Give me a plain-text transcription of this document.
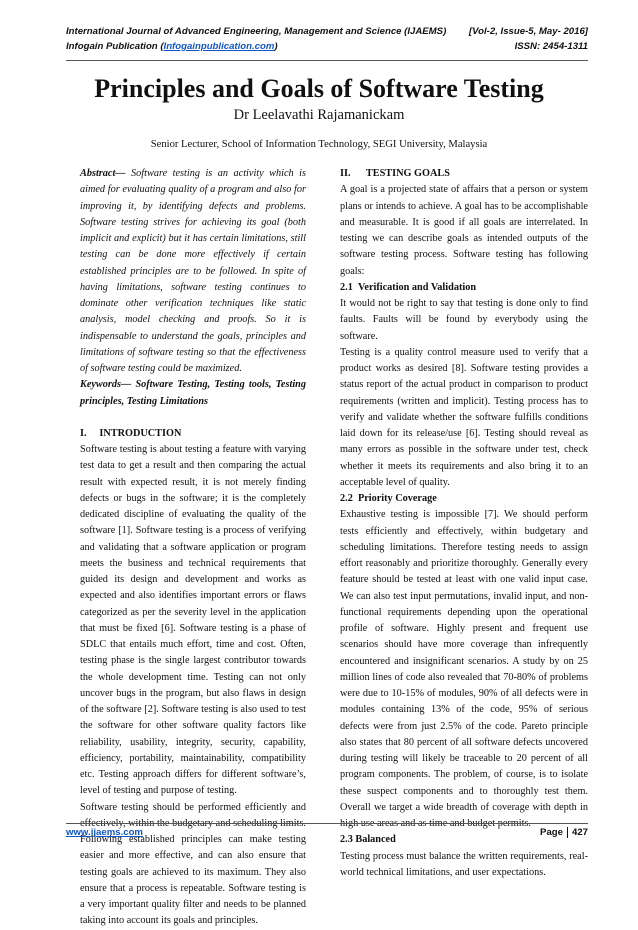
International Journal of Advanced Engineering, Management and Science (IJAEMS) [Vol-2, Issue-5, May- 2016]
Infogain Publication (Infogainpublication.com)	ISSN: 2454-1311
Principles and Goals of Software Testing
Dr Leelavathi Rajamanickam
Senior Lecturer, School of Information Technology, SEGI University, Malaysia

Abstract— Software testing is an activity which is aimed for evaluating quality of a program and also for improving it, by identifying defects and problems. Software testing strives for achieving its goal (both implicit and explicit) but it has certain limitations, still testing can be done more effectively if certain established principles are to be followed. In spite of having limitations, software testing continues to dominate other verification techniques like static analysis, model checking and proofs. So it is indispensable to understand the goals, principles and limitations of software testing so that the effectiveness of software testing could be maximized.

Keywords— Software Testing, Testing tools, Testing principles, Testing Limitations

I.     INTRODUCTION

Software testing is about testing a feature with varying test data to get a result and then comparing the actual result with expected result, it is not merely finding defects or bugs in the software; it is the completely dedicated discipline of evaluating the quality of the software [1]. Software testing is a process of verifying and validating that a software application or program meets the business and technical requirements that guided its design and development and works as expected and also identifies important errors or flaws categorized as per the severity level in the application that must be fixed [6]. Software testing is a phase of SDLC that entails much effort, time and cost. Often, testing phase is the single largest contributor towards the whole development time. Testing can not only uncover bugs in the program, but also flaws in design of the software [2]. Software testing is also used to test the software for other software quality factors like reliability, usability, integrity, security, capability, efficiency, portability, maintainability, compatibility etc. Testing approach differs for different software’s, level of testing and purpose of testing.

Software testing should be performed efficiently and effectively, within the budgetary and scheduling limits. Following established principles can make testing easier and more effective, and can also ensure that testing goals are achieved to its maximum. They also ensure that a process is repeatable. Software testing is a very important quality filter and needs to be planned taking into account its goals and principles.

II.      TESTING GOALS

A goal is a projected state of affairs that a person or system plans or intends to achieve. A goal has to be accomplishable and measurable. It is good if all goals are interrelated. In testing we can describe goals as intended outputs of the software testing process. Software testing has following goals:

2.1  Verification and Validation

It would not be right to say that testing is done only to find faults. Faults will be found by everybody using the software.

Testing is a quality control measure used to verify that a product works as desired [8]. Software testing provides a status report of the actual product in comparison to product requirements (written and implicit). Testing process has to verify and validate whether the software fulfills conditions laid down for its release/use [6]. Testing should reveal as many errors as possible in the software under test, check whether it meets its requirements and also bring it to an acceptable level of quality.

2.2  Priority Coverage

Exhaustive testing is impossible [7]. We should perform tests efficiently and effectively, within budgetary and scheduling limitations. Therefore testing needs to assign effort reasonably and prioritize thoroughly. Generally every feature should be tested at least with one valid input case. We can also test input permutations, invalid input, and non-functional requirements depending upon the operational profile of software. Highly present and frequent use scenarios should have more coverage than infrequently encountered and insignificant scenarios. A study by on 25 million lines of code also revealed that 70-80% of problems were due to 10-15% of modules, 90% of all defects were in modules containing 13% of the code, 95% of serious defects were from just 2.5% of the code. Pareto principle also states that 80 percent of all software defects uncovered during testing will likely be traceable to 20 percent of all program components. The problem, of course, is to isolate these suspect components and to thoroughly test them. Overall we target a wide breadth of coverage with depth in high use areas and as time and budget permits.

2.3 Balanced

Testing process must balance the written requirements, real-world technical limitations, and user expectations.

www.ijaems.com	Page 427
